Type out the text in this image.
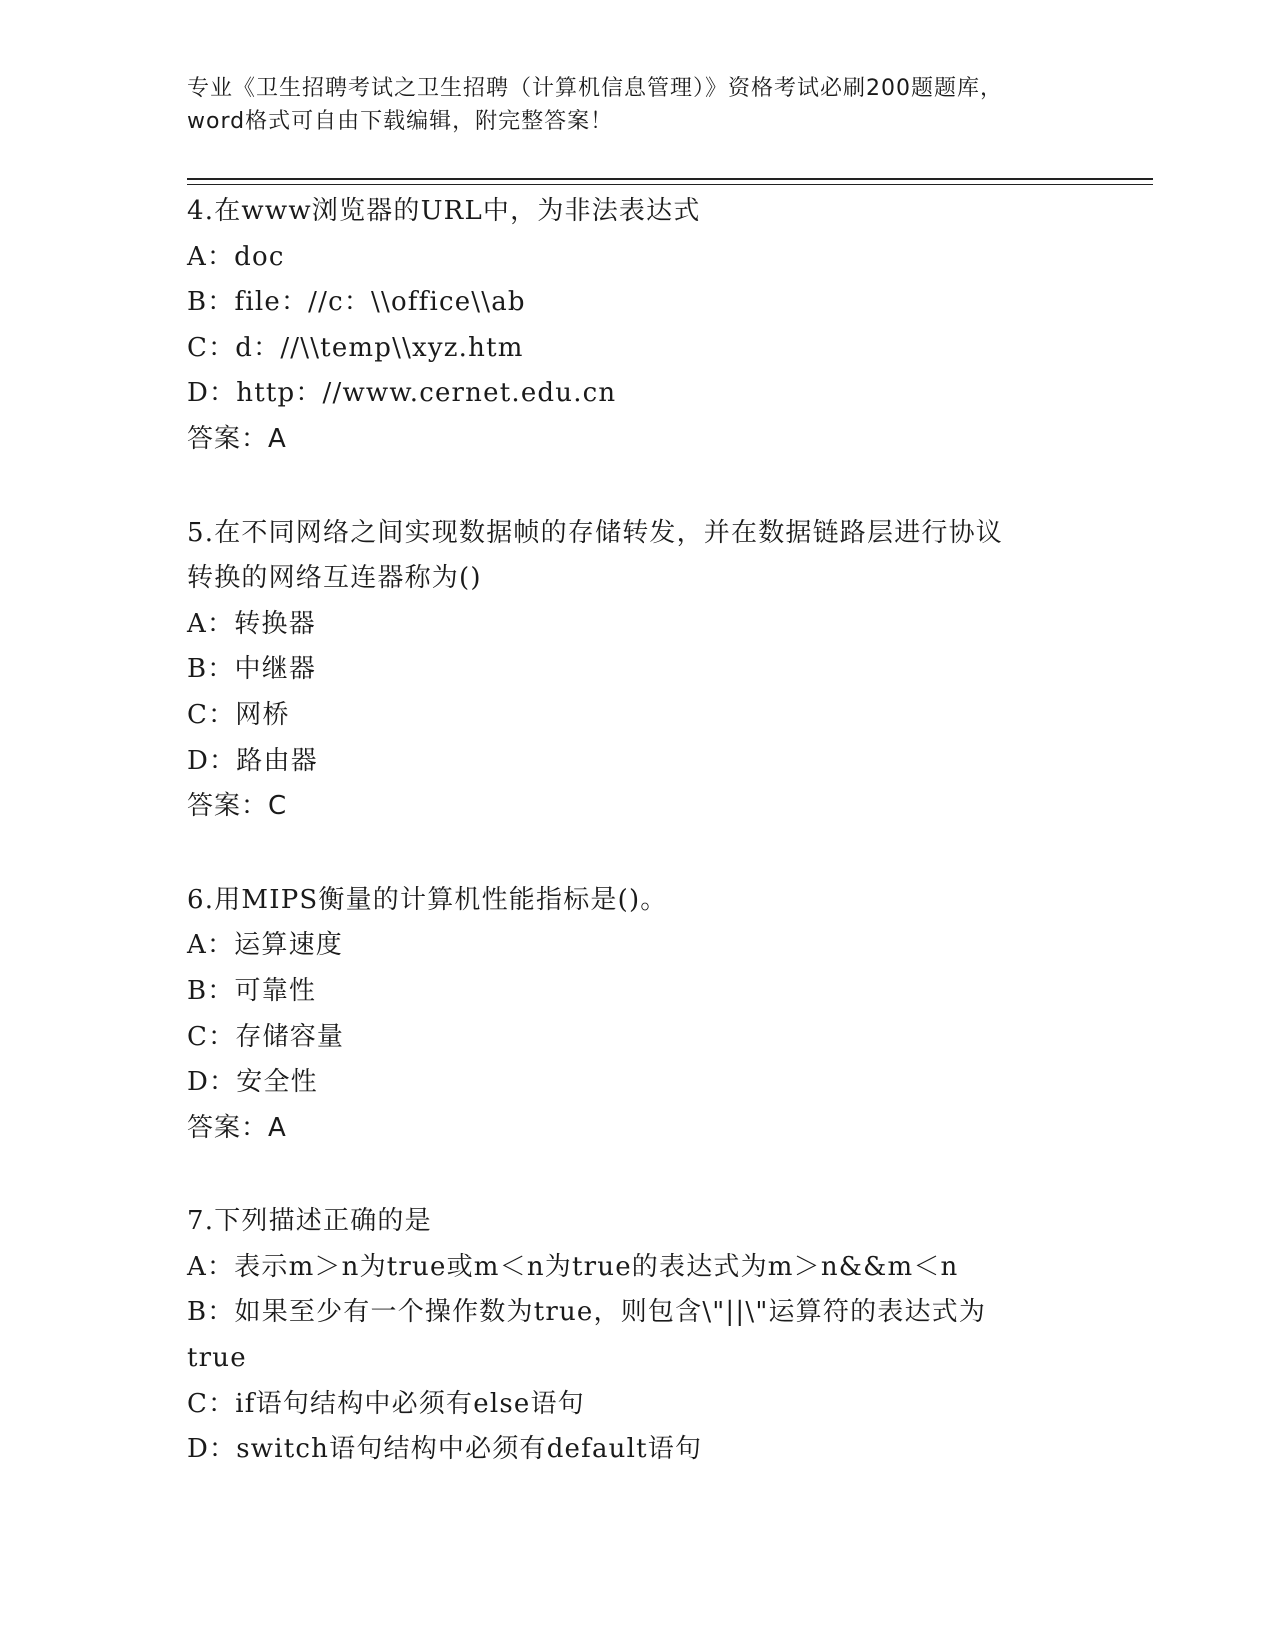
专业《卫生招聘考试之卫生招聘（计算机信息管理）》资格考试必刷200题题库，
word格式可自由下载编辑，附完整答案！
4.在www浏览器的URL中，为非法表达式
A：doc
B：file：//c：\\office\\ab
C：d：//\\temp\\xyz.htm
D：http：//www.cernet.edu.cn
答案：A
5.在不同网络之间实现数据帧的存储转发，并在数据链路层进行协议
转换的网络互连器称为()
A：转换器
B：中继器
C：网桥
D：路由器
答案：C
6.用MIPS衡量的计算机性能指标是()。
A：运算速度
B：可靠性
C：存储容量
D：安全性
答案：A
7.下列描述正确的是
A：表示m＞n为true或m＜n为true的表达式为m＞n&&m＜n
B：如果至少有一个操作数为true，则包含\"||\"运算符的表达式为
true
C：if语句结构中必须有else语句
D：switch语句结构中必须有default语句
